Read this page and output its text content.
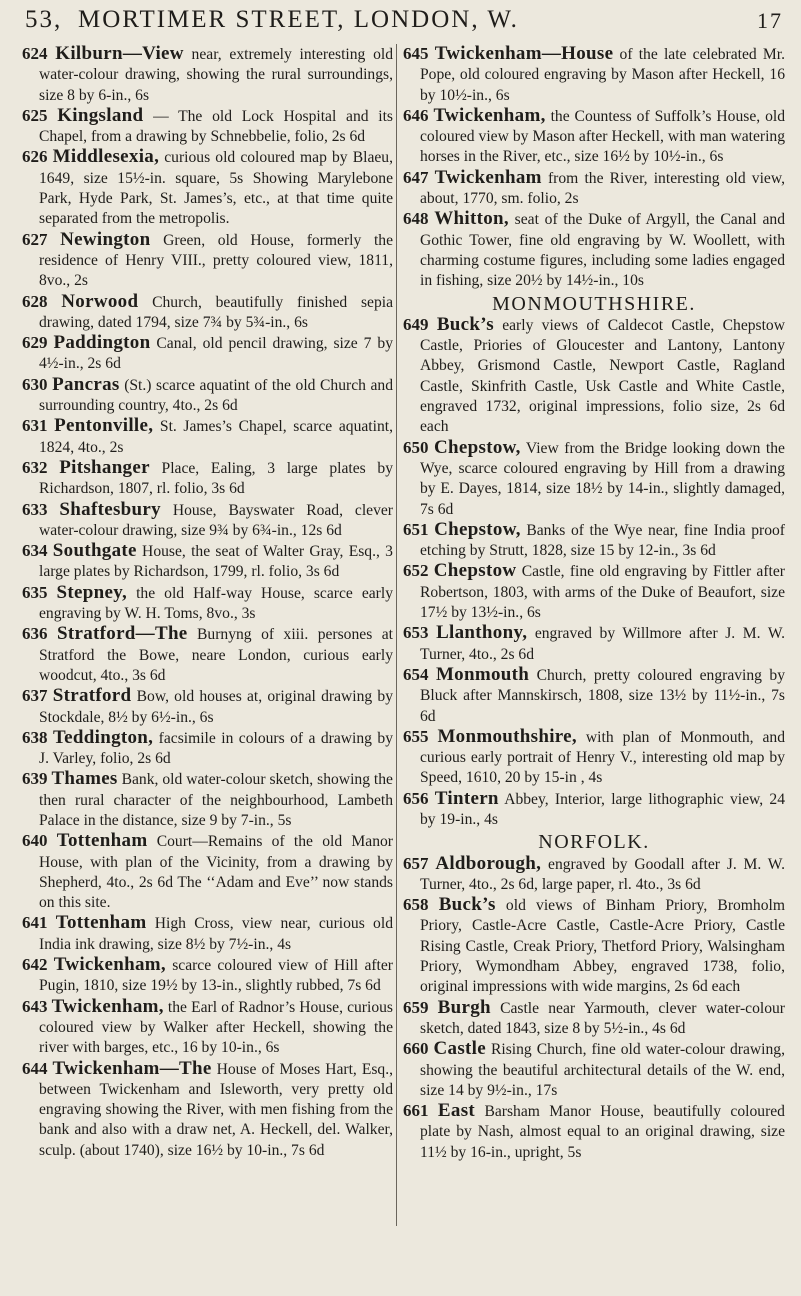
53, MORTIMER STREET, LONDON, W.	17
624 Kilburn—View near, extremely interesting old water-colour drawing, showing the rural surroundings, size 8 by 6-in., 6s
625 Kingsland — The old Lock Hospital and its Chapel, from a drawing by Schnebbelie, folio, 2s 6d
626 Middlesexia, curious old coloured map by Blaeu, 1649, size 15½-in. square, 5s Showing Marylebone Park, Hyde Park, St. James’s, etc., at that time quite separated from the metropolis.
627 Newington Green, old House, formerly the residence of Henry VIII., pretty coloured view, 1811, 8vo., 2s
628 Norwood Church, beautifully finished sepia drawing, dated 1794, size 7¾ by 5¾-in., 6s
629 Paddington Canal, old pencil drawing, size 7 by 4½-in., 2s 6d
630 Pancras (St.) scarce aquatint of the old Church and surrounding country, 4to., 2s 6d
631 Pentonville, St. James’s Chapel, scarce aquatint, 1824, 4to., 2s
632 Pitshanger Place, Ealing, 3 large plates by Richardson, 1807, rl. folio, 3s 6d
633 Shaftesbury House, Bayswater Road, clever water-colour drawing, size 9¾ by 6¾-in., 12s 6d
634 Southgate House, the seat of Walter Gray, Esq., 3 large plates by Richardson, 1799, rl. folio, 3s 6d
635 Stepney, the old Half-way House, scarce early engraving by W. H. Toms, 8vo., 3s
636 Stratford—The Burnyng of xiii. persones at Stratford the Bowe, neare London, curious early woodcut, 4to., 3s 6d
637 Stratford Bow, old houses at, original drawing by Stockdale, 8½ by 6½-in., 6s
638 Teddington, facsimile in colours of a drawing by J. Varley, folio, 2s 6d
639 Thames Bank, old water-colour sketch, showing the then rural character of the neighbourhood, Lambeth Palace in the distance, size 9 by 7-in., 5s
640 Tottenham Court—Remains of the old Manor House, with plan of the Vicinity, from a drawing by Shepherd, 4to., 2s 6d The ‘‘Adam and Eve’’ now stands on this site.
641 Tottenham High Cross, view near, curious old India ink drawing, size 8½ by 7½-in., 4s
642 Twickenham, scarce coloured view of Hill after Pugin, 1810, size 19½ by 13-in., slightly rubbed, 7s 6d
643 Twickenham, the Earl of Radnor’s House, curious coloured view by Walker after Heckell, showing the river with barges, etc., 16 by 10-in., 6s
644 Twickenham—The House of Moses Hart, Esq., between Twickenham and Isleworth, very pretty old engraving showing the River, with men fishing from the bank and also with a draw net, A. Heckell, del. Walker, sculp. (about 1740), size 16½ by 10-in., 7s 6d
645 Twickenham—House of the late celebrated Mr. Pope, old coloured engraving by Mason after Heckell, 16 by 10½-in., 6s
646 Twickenham, the Countess of Suffolk’s House, old coloured view by Mason after Heckell, with man watering horses in the River, etc., size 16½ by 10½-in., 6s
647 Twickenham from the River, interesting old view, about, 1770, sm. folio, 2s
648 Whitton, seat of the Duke of Argyll, the Canal and Gothic Tower, fine old engraving by W. Woollett, with charming costume figures, including some ladies engaged in fishing, size 20½ by 14½-in., 10s
MONMOUTHSHIRE.
649 Buck’s early views of Caldecot Castle, Chepstow Castle, Priories of Gloucester and Lantony, Lantony Abbey, Grismond Castle, Newport Castle, Ragland Castle, Skinfrith Castle, Usk Castle and White Castle, engraved 1732, original impressions, folio size, 2s 6d each
650 Chepstow, View from the Bridge looking down the Wye, scarce coloured engraving by Hill from a drawing by E. Dayes, 1814, size 18½ by 14-in., slightly damaged, 7s 6d
651 Chepstow, Banks of the Wye near, fine India proof etching by Strutt, 1828, size 15 by 12-in., 3s 6d
652 Chepstow Castle, fine old engraving by Fittler after Robertson, 1803, with arms of the Duke of Beaufort, size 17½ by 13½-in., 6s
653 Llanthony, engraved by Willmore after J. M. W. Turner, 4to., 2s 6d
654 Monmouth Church, pretty coloured engraving by Bluck after Mannskirsch, 1808, size 13½ by 11½-in., 7s 6d
655 Monmouthshire, with plan of Monmouth, and curious early portrait of Henry V., interesting old map by Speed, 1610, 20 by 15-in , 4s
656 Tintern Abbey, Interior, large lithographic view, 24 by 19-in., 4s
NORFOLK.
657 Aldborough, engraved by Goodall after J. M. W. Turner, 4to., 2s 6d, large paper, rl. 4to., 3s 6d
658 Buck’s old views of Binham Priory, Bromholm Priory, Castle-Acre Castle, Castle-Acre Priory, Castle Rising Castle, Creak Priory, Thetford Priory, Walsingham Priory, Wymondham Abbey, engraved 1738, folio, original impressions with wide margins, 2s 6d each
659 Burgh Castle near Yarmouth, clever water-colour sketch, dated 1843, size 8 by 5½-in., 4s 6d
660 Castle Rising Church, fine old water-colour drawing, showing the beautiful architectural details of the W. end, size 14 by 9½-in., 17s
661 East Barsham Manor House, beautifully coloured plate by Nash, almost equal to an original drawing, size 11½ by 16-in., upright, 5s
